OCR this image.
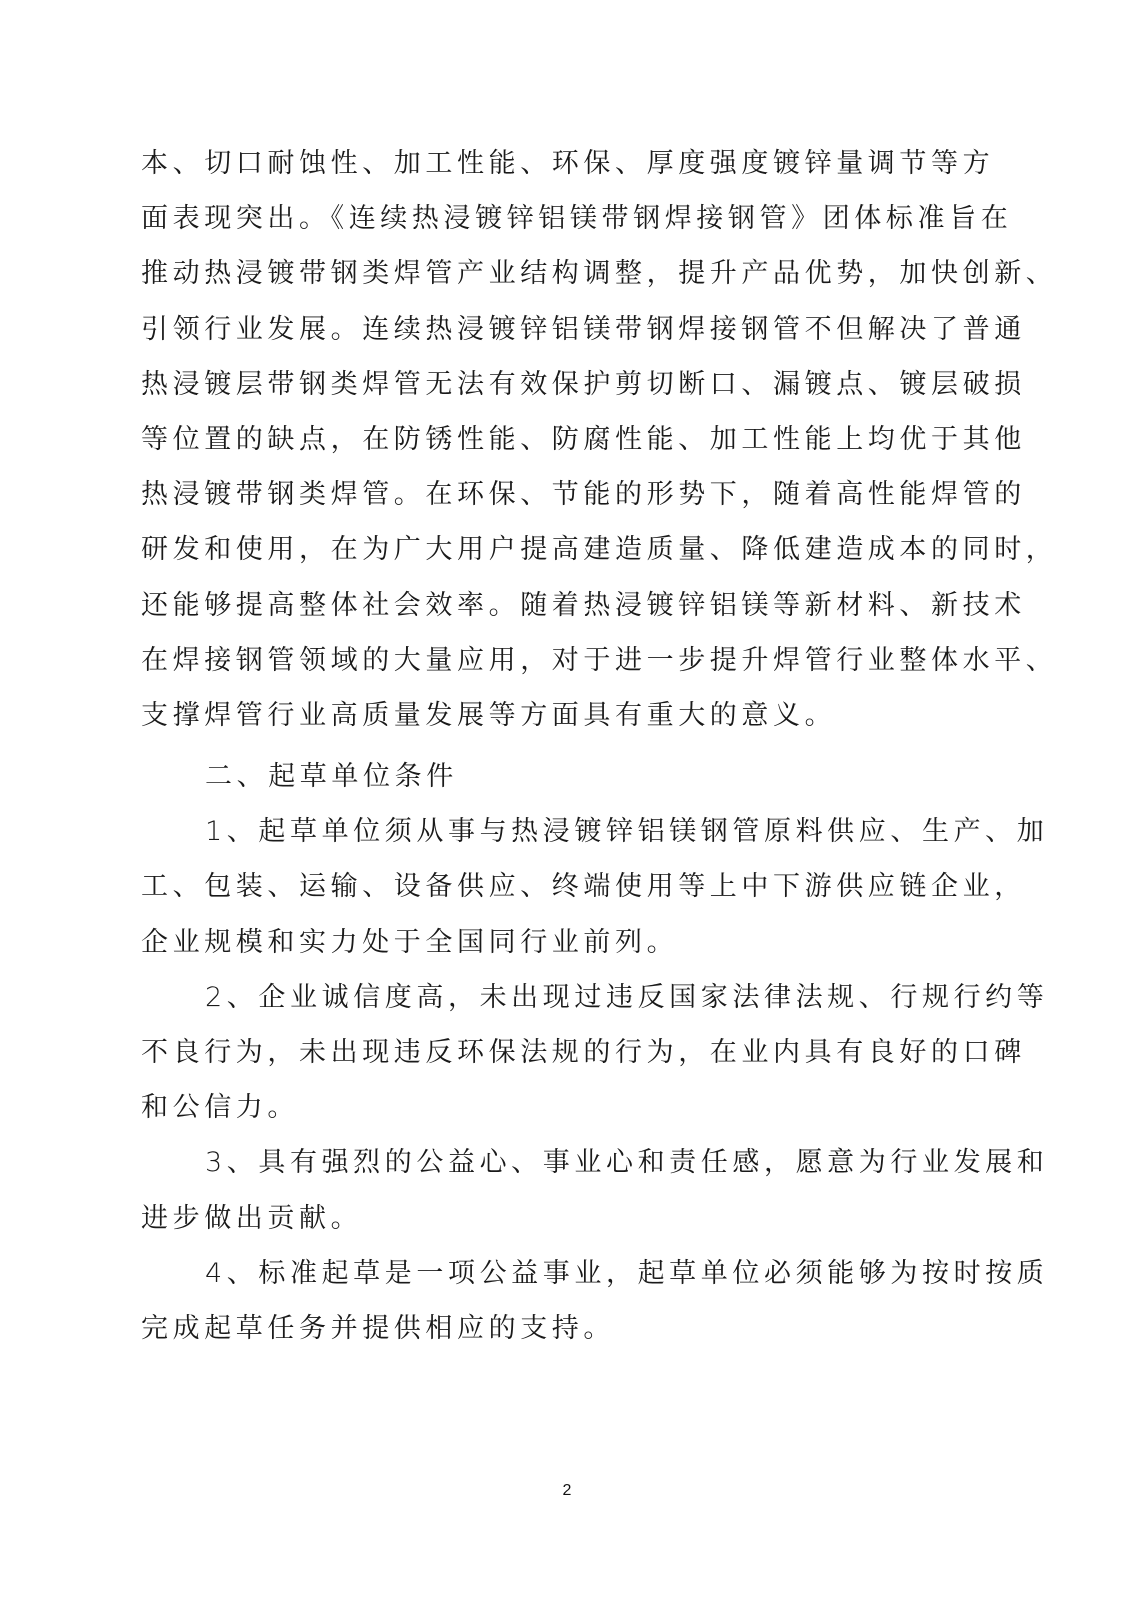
本、切口耐蚀性、加工性能、环保、厚度强度镀锌量调节等方
面表现突出。《连续热浸镀锌铝镁带钢焊接钢管》团体标准旨在
推动热浸镀带钢类焊管产业结构调整，提升产品优势，加快创新、
引领行业发展。连续热浸镀锌铝镁带钢焊接钢管不但解决了普通
热浸镀层带钢类焊管无法有效保护剪切断口、漏镀点、镀层破损
等位置的缺点，在防锈性能、防腐性能、加工性能上均优于其他
热浸镀带钢类焊管。在环保、节能的形势下，随着高性能焊管的
研发和使用，在为广大用户提高建造质量、降低建造成本的同时，
还能够提高整体社会效率。随着热浸镀锌铝镁等新材料、新技术
在焊接钢管领域的大量应用，对于进一步提升焊管行业整体水平、
支撑焊管行业高质量发展等方面具有重大的意义。
二、起草单位条件
1、起草单位须从事与热浸镀锌铝镁钢管原料供应、生产、加
工、包装、运输、设备供应、终端使用等上中下游供应链企业，
企业规模和实力处于全国同行业前列。
2、企业诚信度高，未出现过违反国家法律法规、行规行约等
不良行为，未出现违反环保法规的行为，在业内具有良好的口碑
和公信力。
3、具有强烈的公益心、事业心和责任感，愿意为行业发展和
进步做出贡献。
4、标准起草是一项公益事业，起草单位必须能够为按时按质
完成起草任务并提供相应的支持。
2
